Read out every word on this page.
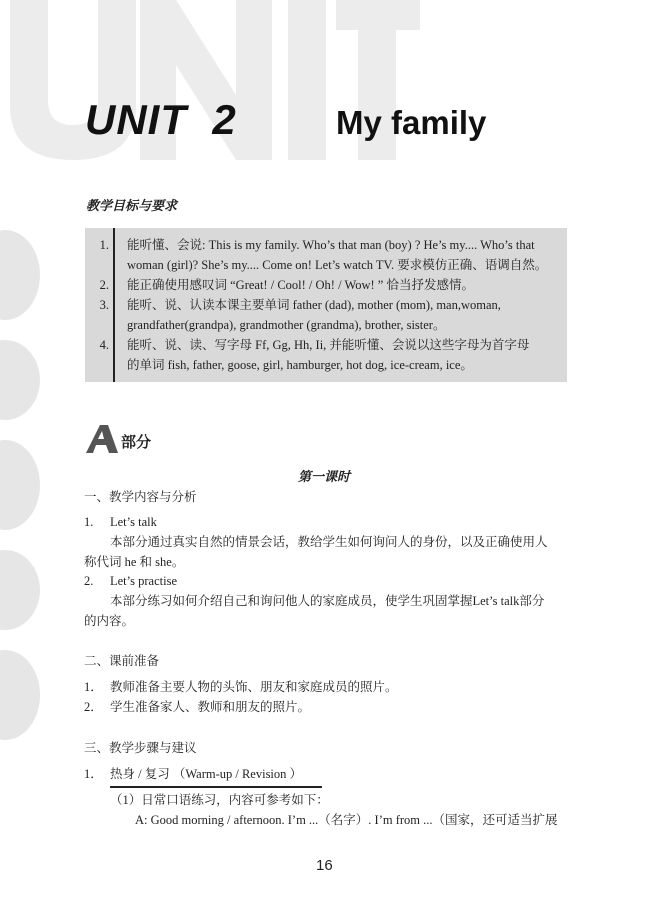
UNIT  2	My family
教学目标与要求
1. 能听懂、会说: This is my family. Who’s that man (boy) ? He’s my.... Who’s that
woman (girl)? She’s my.... Come on! Let’s watch TV. 要求模仿正确、语调自然。
2. 能正确使用感叹词 “Great! / Cool! / Oh! / Wow! ” 恰当抒发感情。
3. 能听、说、认读本课主要单词 father (dad), mother (mom), man,woman,
grandfather(grandpa), grandmother (grandma), brother, sister。
4. 能听、说、读、写字母 Ff, Gg, Hh, Ii, 并能听懂、会说以这些字母为首字母
的单词 fish, father, goose, girl, hamburger, hot dog, ice-cream, ice。
部分
第一课时
一、教学内容与分析
1. Let’s talk
本部分通过真实自然的情景会话，教给学生如何询问人的身份，以及正确使用人
称代词 he 和 she。
2. Let’s practise
本部分练习如何介绍自己和询问他人的家庭成员，使学生巩固掌握Let’s talk部分
的内容。
二、课前准备
1． 教师准备主要人物的头饰、朋友和家庭成员的照片。
2． 学生准备家人、教师和朋友的照片。
三、教学步骤与建议
1． 热身 / 复习 （Warm-up / Revision ）
（1）日常口语练习，内容可参考如下：
A: Good morning / afternoon. I’m ...（名字）. I’m from ...（国家，还可适当扩展
16
